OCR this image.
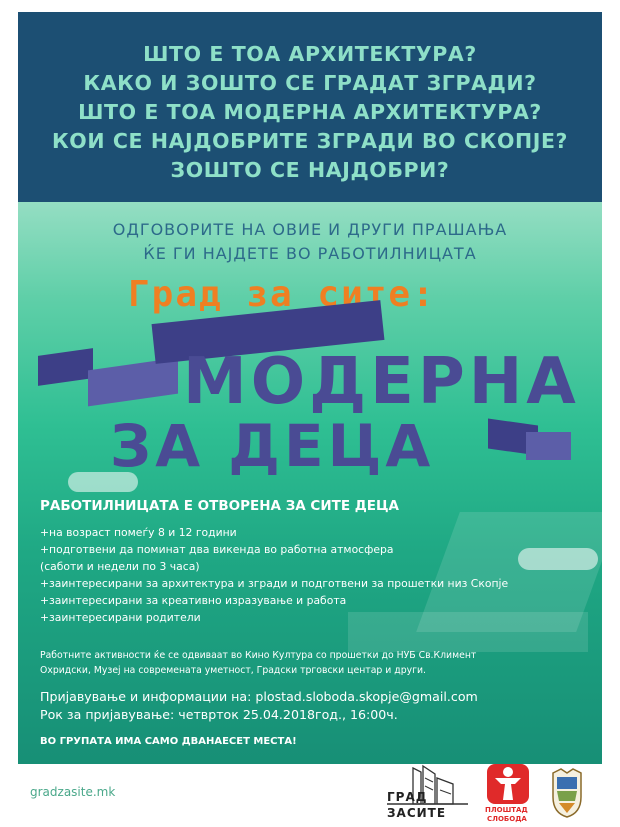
ШТО Е ТОА АРХИТЕКТУРА?
КАКО И ЗОШТО СЕ ГРАДАТ ЗГРАДИ?
ШТО Е ТОА МОДЕРНА АРХИТЕКТУРА?
КОИ СЕ НАЈДОБРИТЕ ЗГРАДИ ВО СКОПЈЕ?
ЗОШТО СЕ НАЈДОБРИ?
ОДГОВОРИТЕ НА ОВИЕ И ДРУГИ ПРАШАЊА
ЌЕ ГИ НАЈДЕТЕ ВО РАБОТИЛНИЦАТА
Град за сите:
МОДЕРНА
ЗА ДЕЦА
РАБОТИЛНИЦАТА Е ОТВОРЕНА ЗА СИТЕ ДЕЦА
+на возраст помеѓу 8 и 12 години
+подготвени да поминат два викенда во работна атмосфера
(сабoти и недели по 3 часа)
+заинтересирани за архитектура и згради и подготвени за прошетки низ Скопје
+заинтересирани за креативно изразување и работа
+заинтересирани родители
Работните активности ќе се одвиваат во Кино Култура со прошетки до НУБ Св.Климент
Охридски, Музеј на современата уметност, Градски трговски центар и други.
Пријавување и информации на: plostad.sloboda.skopje@gmail.com
Рок за пријавување: четврток 25.04.2018год., 16:00ч.
ВО ГРУПАТА ИМА САМО ДВАНАЕСЕТ МЕСТА!
gradzasite.mk	ГРАД
ЗАСИТЕ	ПЛОШТАД
СЛОБОДА
